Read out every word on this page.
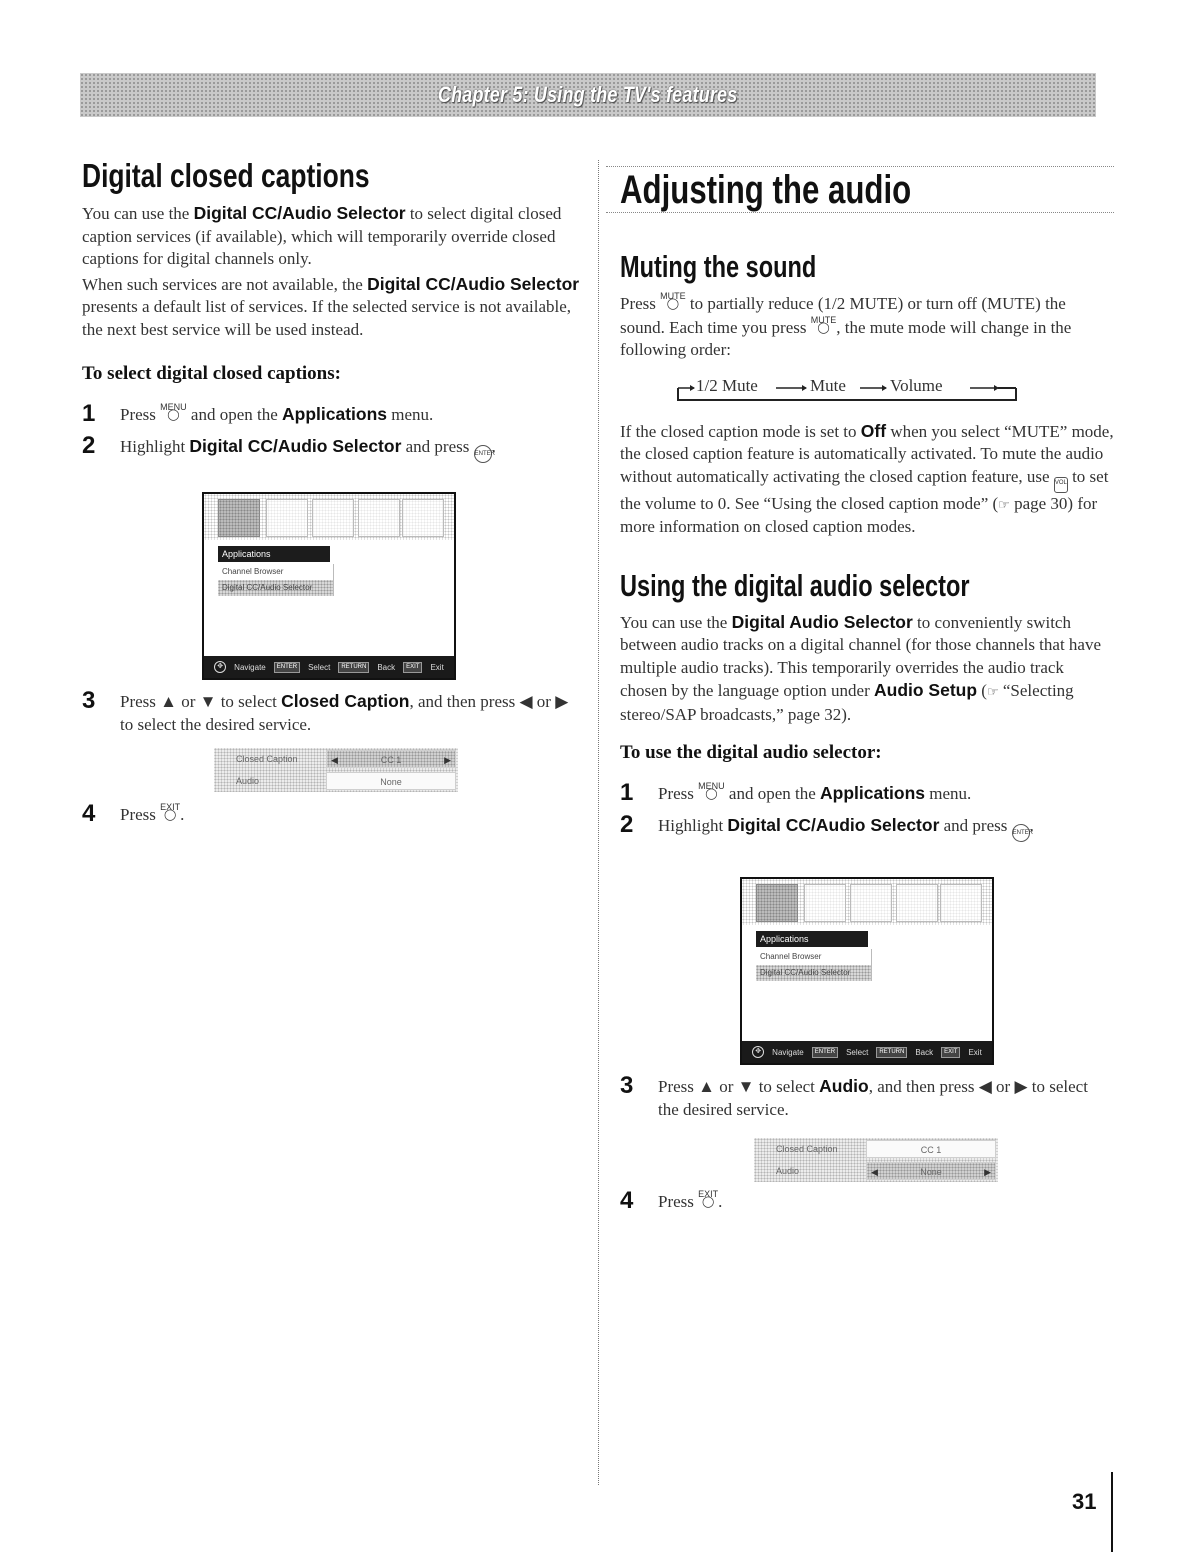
Chapter 5: Using the TV's features
Digital closed captions

You can use the Digital CC/Audio Selector to select digital closed caption services (if available), which will temporarily override closed captions for digital channels only.

When such services are not available, the Digital CC/Audio Selector presents a default list of services. If the selected service is not available, the next best service will be used instead.

To select digital closed captions:
1	Press MENU
◯ and open the Applications menu.
2	Highlight Digital CC/Audio Selector and press ENTER.
Applications
Channel Browser
Digital CC/Audio Selector
✥	Navigate	ENTER	Select	RETURN	Back	EXIT	Exit
3	Press ▲ or ▼ to select Closed Caption, and then press ◀ or ▶ to select the desired service.
Closed Caption	◀	CC 1	▶
Audio	None
4	Press EXIT
◯ .
Adjusting the audio
Muting the sound

Press MUTE
◯ to partially reduce (1/2 MUTE) or turn off (MUTE) the sound. Each time you press MUTE
◯ , the mute mode will change in the following order:

1/2 Mute	Mute	Volume

If the closed caption mode is set to Off when you select “MUTE” mode, the closed caption feature is automatically activated. To mute the audio without automatically activating the closed caption feature, use VOL to set the volume to 0. See “Using the closed caption mode” (☞ page 30) for more information on closed caption modes.

Using the digital audio selector

You can use the Digital Audio Selector to conveniently switch between audio tracks on a digital channel (for those channels that have multiple audio tracks). This temporarily overrides the audio track chosen by the language option under Audio Setup (☞ “Selecting stereo/SAP broadcasts,” page 32).

To use the digital audio selector:
1	Press MENU
◯ and open the Applications menu.
2	Highlight Digital CC/Audio Selector and press ENTER.
Applications
Channel Browser
Digital CC/Audio Selector
✥	Navigate	ENTER	Select	RETURN	Back	EXIT	Exit
3	Press ▲ or ▼ to select Audio, and then press ◀ or ▶ to select the desired service.
Closed Caption	CC 1
Audio	◀	None	▶
4	Press EXIT
◯ .
31
